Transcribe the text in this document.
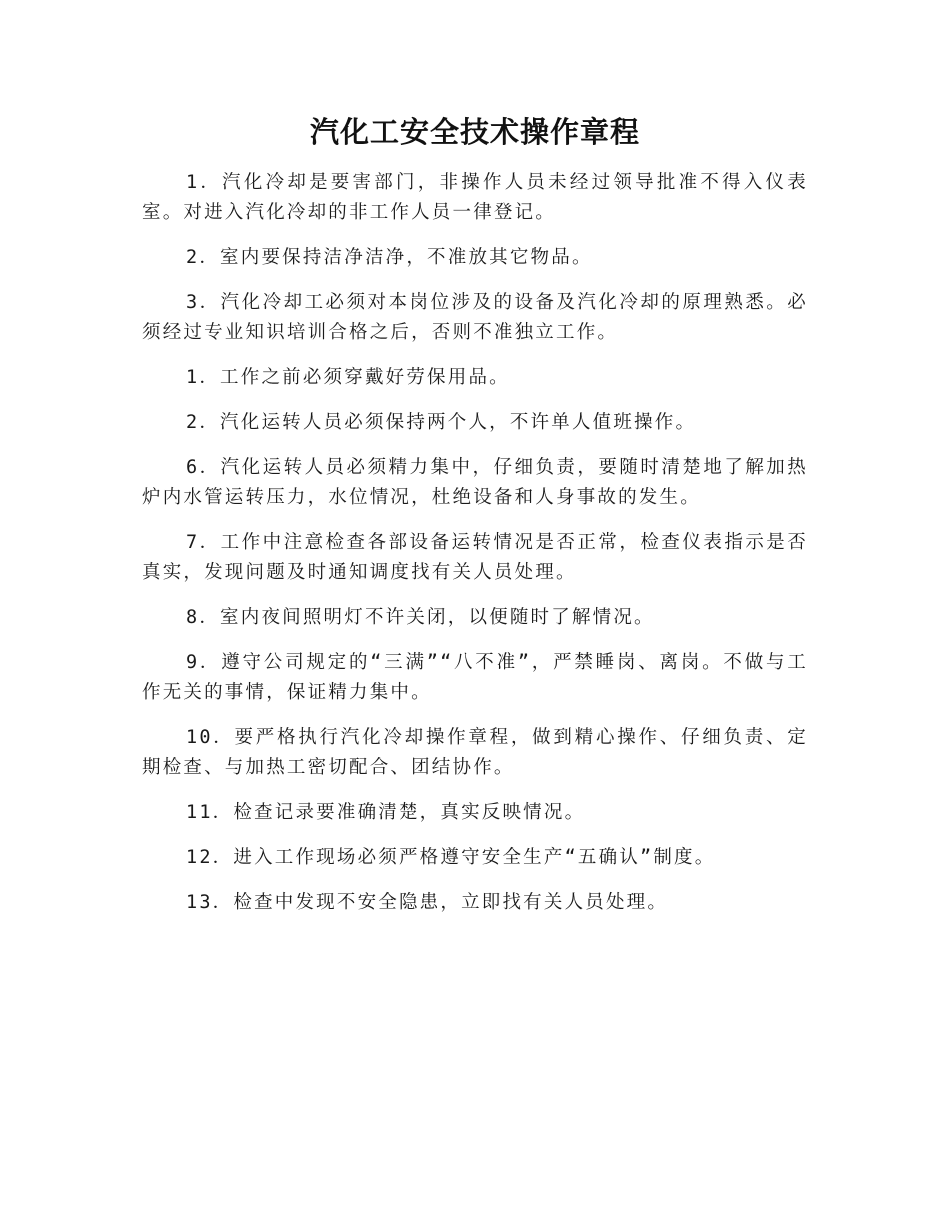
汽化工安全技术操作章程

1．汽化冷却是要害部门，非操作人员未经过领导批准不得入仪表室。对进入汽化冷却的非工作人员一律登记。

2．室内要保持洁净洁净，不准放其它物品。

3．汽化冷却工必须对本岗位涉及的设备及汽化冷却的原理熟悉。必须经过专业知识培训合格之后，否则不准独立工作。

1．工作之前必须穿戴好劳保用品。

2．汽化运转人员必须保持两个人，不许单人值班操作。

6．汽化运转人员必须精力集中，仔细负责，要随时清楚地了解加热炉内水管运转压力，水位情况，杜绝设备和人身事故的发生。

7．工作中注意检查各部设备运转情况是否正常，检查仪表指示是否真实，发现问题及时通知调度找有关人员处理。

8．室内夜间照明灯不许关闭，以便随时了解情况。

9．遵守公司规定的“三满”“八不准”，严禁睡岗、离岗。不做与工作无关的事情，保证精力集中。

10．要严格执行汽化冷却操作章程，做到精心操作、仔细负责、定期检查、与加热工密切配合、团结协作。

11．检查记录要准确清楚，真实反映情况。

12．进入工作现场必须严格遵守安全生产“五确认”制度。

13．检查中发现不安全隐患，立即找有关人员处理。
